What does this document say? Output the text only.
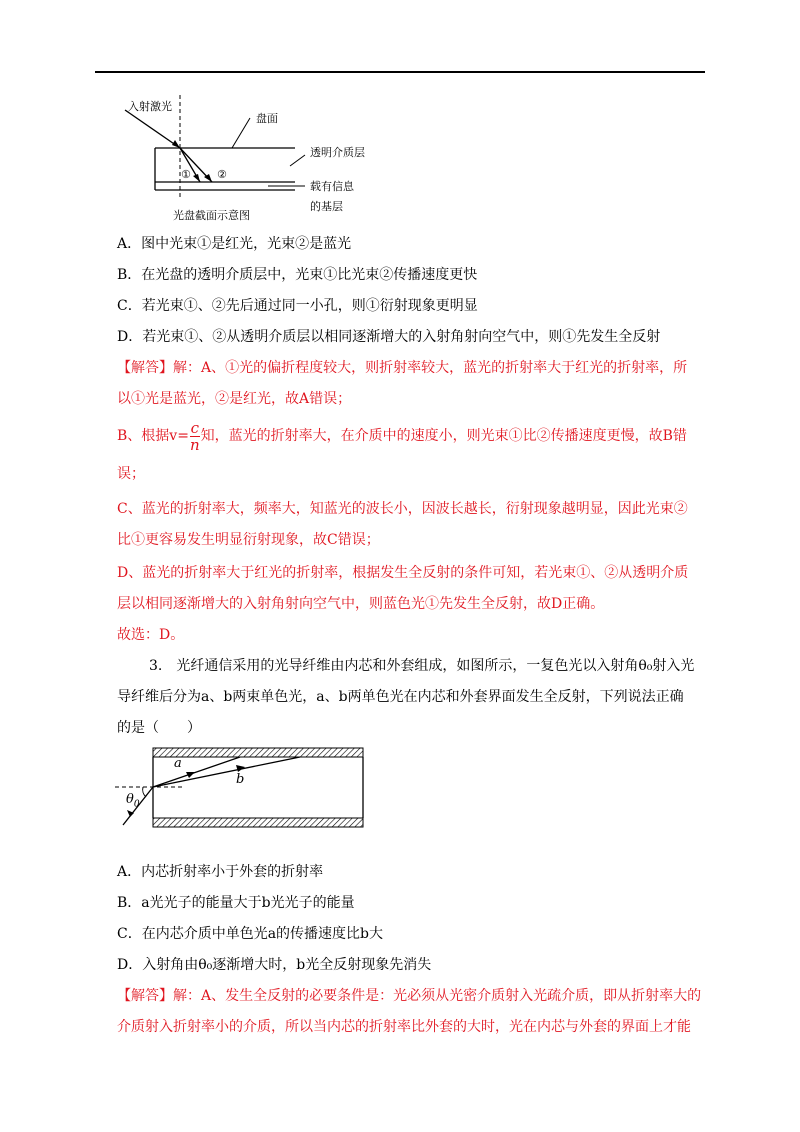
入射激光
盘面
透明介质层
载有信息
的基层
① ②
光盘截面示意图
A．图中光束①是红光，光束②是蓝光
B．在光盘的透明介质层中，光束①比光束②传播速度更快
C．若光束①、②先后通过同一小孔，则①衍射现象更明显
D．若光束①、②从透明介质层以相同逐渐增大的入射角射向空气中，则①先发生全反射
【解答】解：A、①光的偏折程度较大，则折射率较大，蓝光的折射率大于红光的折射率，所
以①光是蓝光，②是红光，故A错误；
B、根据$v= \frac{c}{n}$ 知，蓝光的折射率大，在介质中的速度小，则光束①比②传播速度更慢，故B错
误；
C、蓝光的折射率大，频率大，知蓝光的波长小，因波长越长，衍射现象越明显，因此光束②
比①更容易发生明显衍射现象，故C错误；
D、蓝光的折射率大于红光的折射率，根据发生全反射的条件可知，若光束①、②从透明介质
层以相同逐渐增大的入射角射向空气中，则蓝色光①先发生全反射，故D正确。
故选：D。
3.　光纤通信采用的光导纤维由内芯和外套组成，如图所示，一复色光以入射角θ₀射入光
导纤维后分为a、b两束单色光，a、b两单色光在内芯和外套界面发生全反射，下列说法正确
的是（　　）
a
b
$\theta_0$
A．内芯折射率小于外套的折射率
B．a光光子的能量大于b光光子的能量
C．在内芯介质中单色光a的传播速度比b大
D．入射角由θ₀逐渐增大时，b光全反射现象先消失
【解答】解：A、发生全反射的必要条件是：光必须从光密介质射入光疏介质，即从折射率大的
介质射入折射率小的介质，所以当内芯的折射率比外套的大时，光在内芯与外套的界面上才能
